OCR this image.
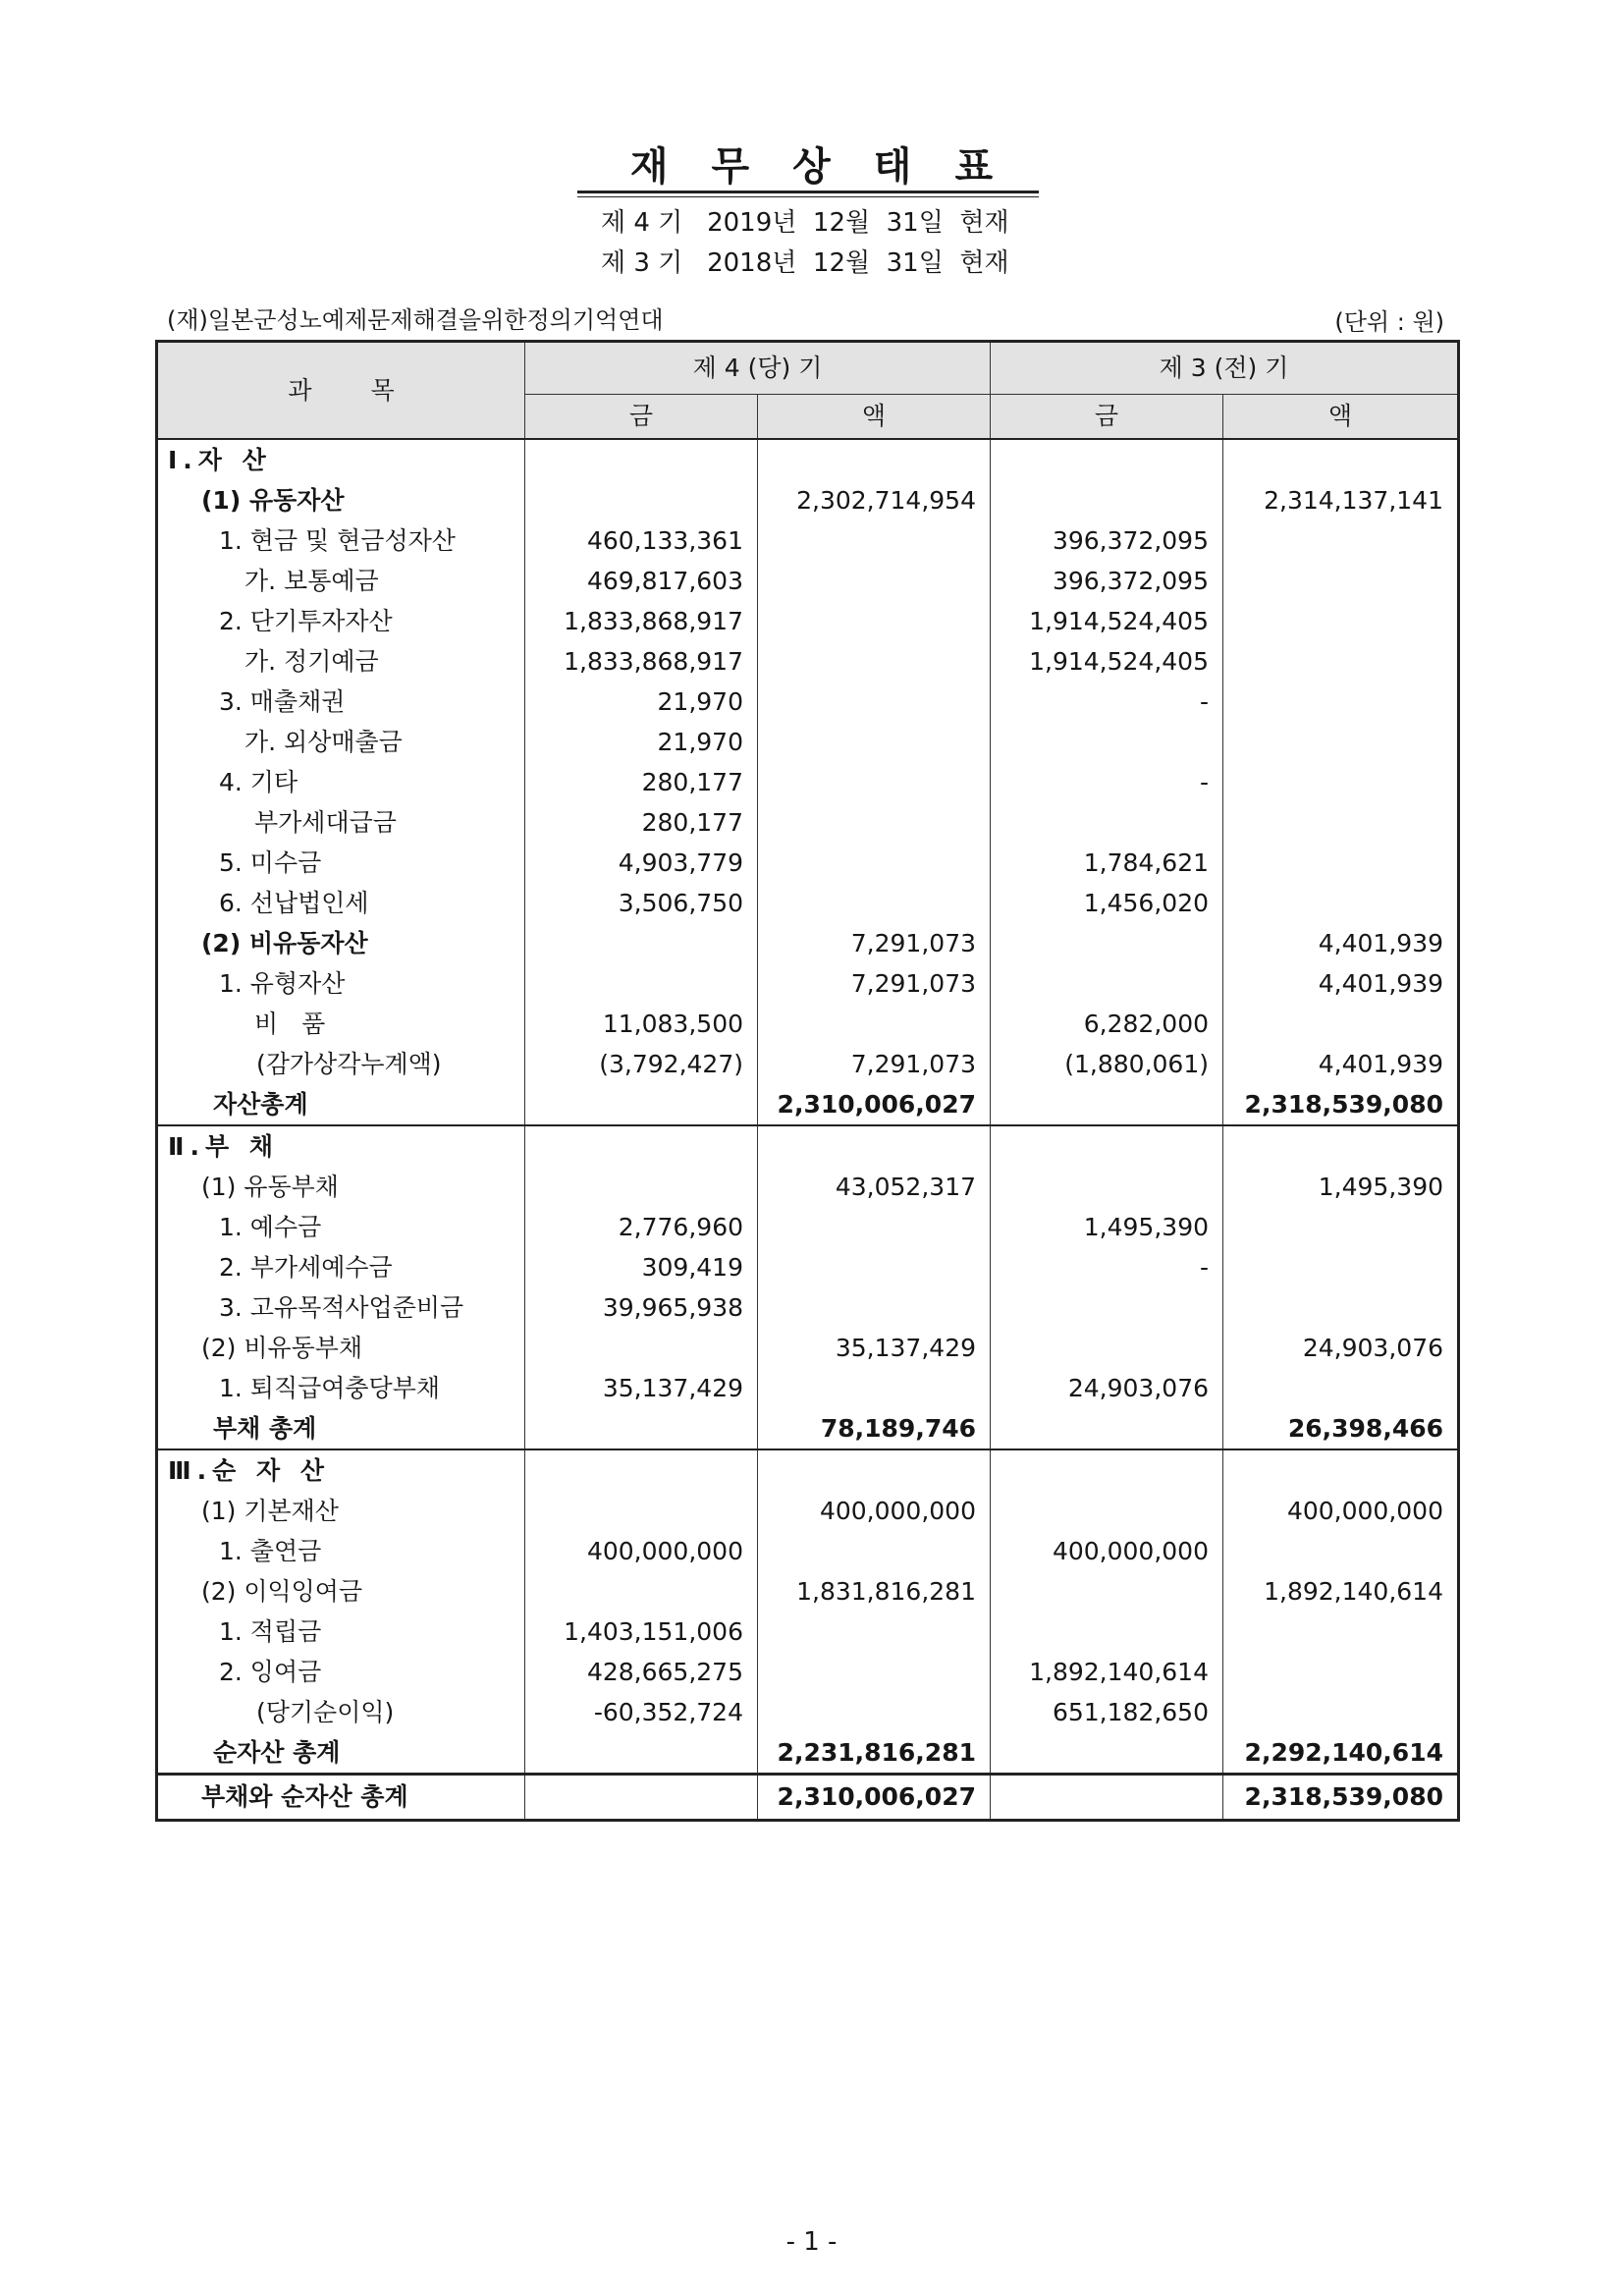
재무상태표
제 4 기   2019년  12월  31일  현재
제 3 기   2018년  12월  31일  현재
(재)일본군성노예제문제해결을위한정의기억연대	(단위 : 원)
과목	제 4 (당) 기		제 3 (전) 기	
	금	액	금	액
Ⅰ.자 산				
(1) 유동자산		2,302,714,954		2,314,137,141
1. 현금 및 현금성자산	460,133,361		396,372,095	
가. 보통예금	469,817,603		396,372,095	
2. 단기투자자산	1,833,868,917		1,914,524,405	
가. 정기예금	1,833,868,917		1,914,524,405	
3. 매출채권	21,970		-	
가. 외상매출금	21,970			
4. 기타	280,177		-	
부가세대급금	280,177			
5. 미수금	4,903,779		1,784,621	
6. 선납법인세	3,506,750		1,456,020	
(2) 비유동자산		7,291,073		4,401,939
1. 유형자산		7,291,073		4,401,939
비 품	11,083,500		6,282,000	
(감가상각누계액)	(3,792,427)	7,291,073	(1,880,061)	4,401,939
자산총계		2,310,006,027		2,318,539,080
Ⅱ.부 채				
(1) 유동부채		43,052,317		1,495,390
1. 예수금	2,776,960		1,495,390	
2. 부가세예수금	309,419		-	
3. 고유목적사업준비금	39,965,938			
(2) 비유동부채		35,137,429		24,903,076
1. 퇴직급여충당부채	35,137,429		24,903,076	
부채 총계		78,189,746		26,398,466
Ⅲ.순 자 산				
(1) 기본재산		400,000,000		400,000,000
1. 출연금	400,000,000		400,000,000	
(2) 이익잉여금		1,831,816,281		1,892,140,614
1. 적립금	1,403,151,006			
2. 잉여금	428,665,275		1,892,140,614	
(당기순이익)	-60,352,724		651,182,650	
순자산 총계		2,231,816,281		2,292,140,614
부채와 순자산 총계		2,310,006,027		2,318,539,080
- 1 -
